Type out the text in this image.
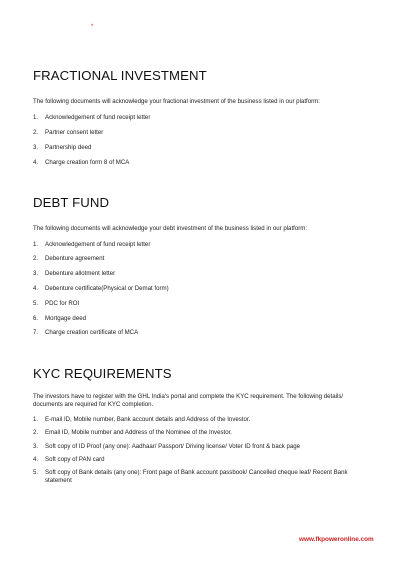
*
FRACTIONAL INVESTMENT

The following documents will acknowledge your fractional investment of the business listed in our platform:

1.	Acknowledgement of fund receipt letter
2.	Partner consent letter
3.	Partnership deed
4.	Charge creation form 8 of MCA
DEBT FUND

The following documents will acknowledge your debt investment of the business listed in our platform:

1.	Acknowledgement of fund receipt letter
2.	Debenture agreement
3.	Debenture allotment letter
4.	Debenture certificate(Physical or Demat form)
5.	PDC for ROI
6.	Mortgage deed
7.	Charge creation certificate of MCA
KYC REQUIREMENTS

The investors have to register with the GHL India's portal and complete the KYC requirement. The following details/ documents are required for KYC completion.

1.	E-mail ID, Mobile number, Bank account details and Address of the Investor.
2.	Email ID, Mobile number and Address of the Nominee of the Investor.
3.	Soft copy of ID Proof (any one): Aadhaar/ Passport/ Driving license/ Voter ID front & back page
4.	Soft copy of PAN card
5.	Soft copy of Bank details (any one): Front page of Bank account passbook/ Cancelled cheque leaf/ Recent Bank statement
www.fkpoweronline.com
